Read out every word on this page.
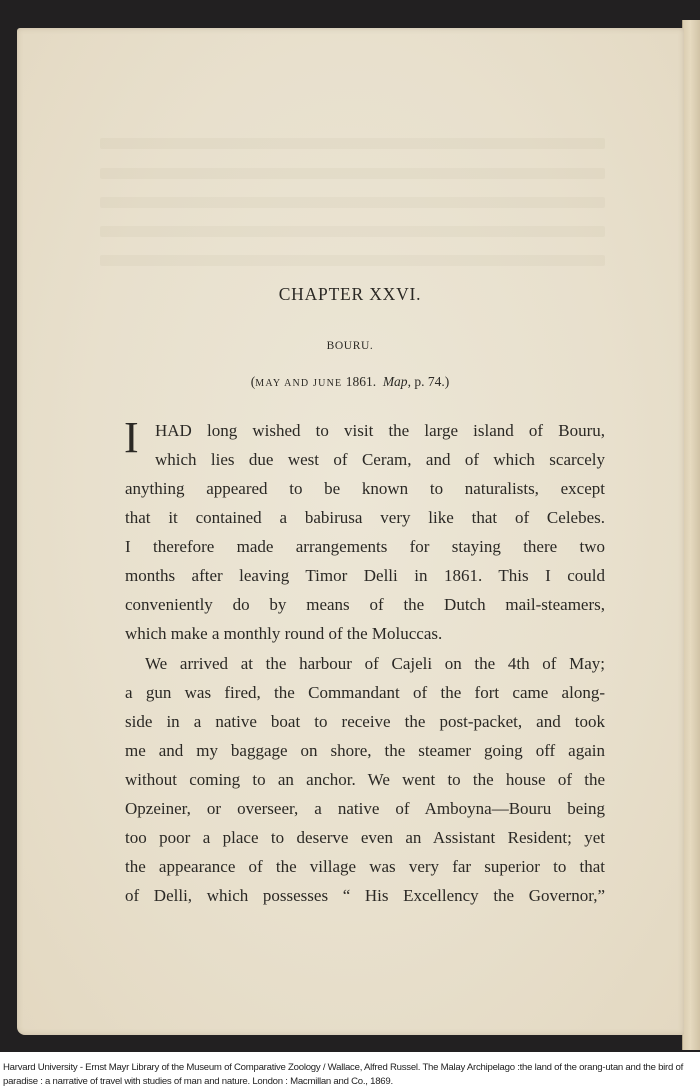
CHAPTER XXVI.
BOURU.
(MAY AND JUNE 1861.  Map, p. 74.)
I HAD long wished to visit the large island of Bouru,
which lies due west of Ceram, and of which scarcely
anything appeared to be known to naturalists, except
that it contained a babirusa very like that of Celebes.
I therefore made arrangements for staying there two
months after leaving Timor Delli in 1861. This I could
conveniently do by means of the Dutch mail-steamers,
which make a monthly round of the Moluccas.
We arrived at the harbour of Cajeli on the 4th of May;
a gun was fired, the Commandant of the fort came along-
side in a native boat to receive the post-packet, and took
me and my baggage on shore, the steamer going off again
without coming to an anchor. We went to the house of the
Opzeiner, or overseer, a native of Amboyna—Bouru being
too poor a place to deserve even an Assistant Resident; yet
the appearance of the village was very far superior to that
of Delli, which possesses “ His Excellency the Governor,”
Harvard University - Ernst Mayr Library of the Museum of Comparative Zoology / Wallace, Alfred Russel. The Malay Archipelago :the land of the orang-utan and the bird of paradise : a narrative of travel with studies of man and nature. London : Macmillan and Co., 1869.
